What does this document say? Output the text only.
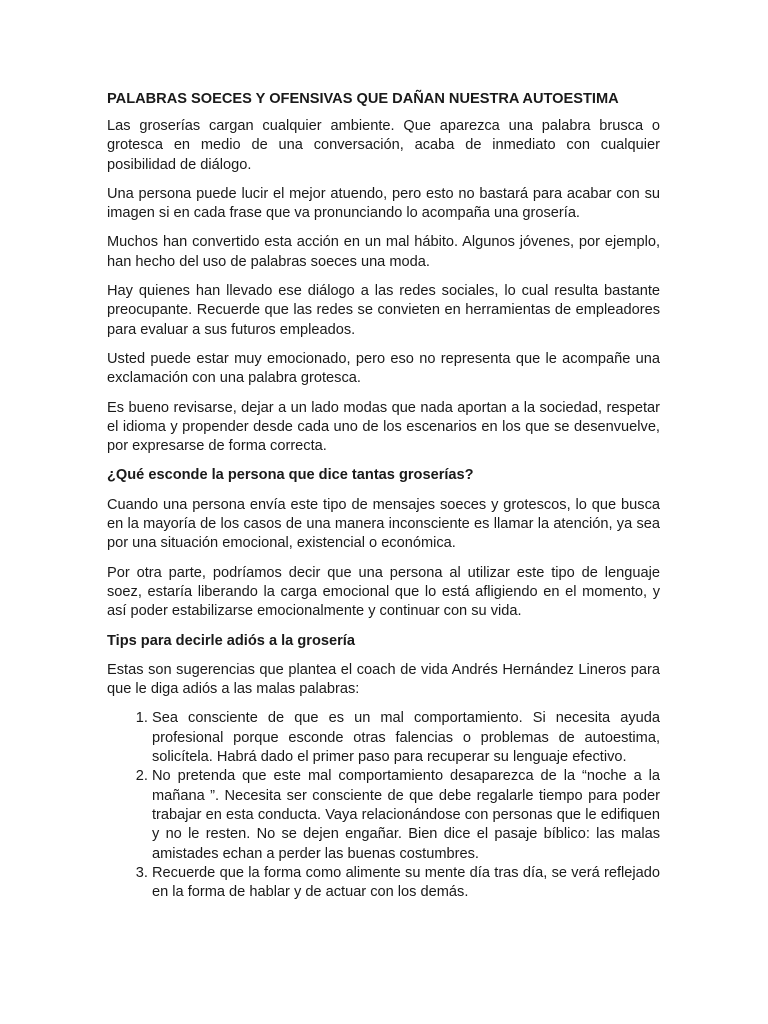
PALABRAS SOECES Y OFENSIVAS QUE DAÑAN NUESTRA AUTOESTIMA

Las groserías cargan cualquier ambiente. Que aparezca una palabra brusca o grotesca en medio de una conversación, acaba de inmediato con cualquier posibilidad de diálogo.

Una persona puede lucir el mejor atuendo, pero esto no bastará para acabar con su imagen si en cada frase que va pronunciando lo acompaña una grosería.

Muchos han convertido esta acción en un mal hábito. Algunos jóvenes, por ejemplo, han hecho del uso de palabras soeces una moda.

Hay quienes han llevado ese diálogo a las redes sociales, lo cual resulta bastante preocupante. Recuerde que las redes se convieten en herramientas de empleadores para evaluar a sus futuros empleados.

Usted puede estar muy emocionado, pero eso no representa que le acompañe una exclamación con una palabra grotesca.

Es bueno revisarse, dejar a un lado modas que nada aportan a la sociedad, respetar el idioma y propender desde cada uno de los escenarios en los que se desenvuelve, por expresarse de forma correcta.

¿Qué esconde la persona que dice tantas groserías?

Cuando una persona envía este tipo de mensajes soeces y grotescos, lo que busca en la mayoría de los casos de una manera inconsciente es llamar la atención, ya sea por una situación emocional, existencial o económica.

Por otra parte, podríamos decir que una persona al utilizar este tipo de lenguaje soez, estaría liberando la carga emocional que lo está afligiendo en el momento, y así poder estabilizarse emocionalmente y continuar con su vida.

Tips para decirle adiós a la grosería

Estas son sugerencias que plantea el coach de vida Andrés Hernández Lineros para que le diga adiós a las malas palabras:

1. Sea consciente de que es un mal comportamiento. Si necesita ayuda profesional porque esconde otras falencias o problemas de autoestima, solicítela. Habrá dado el primer paso para recuperar su lenguaje efectivo.
2. No pretenda que este mal comportamiento desaparezca de la “noche a la mañana ”. Necesita ser consciente de que debe regalarle tiempo para poder trabajar en esta conducta. Vaya relacionándose con personas que le edifiquen y no le resten. No se dejen engañar. Bien dice el pasaje bíblico: las malas amistades echan a perder las buenas costumbres.
3. Recuerde que la forma como alimente su mente día tras día, se verá reflejado en la forma de hablar y de actuar con los demás.
